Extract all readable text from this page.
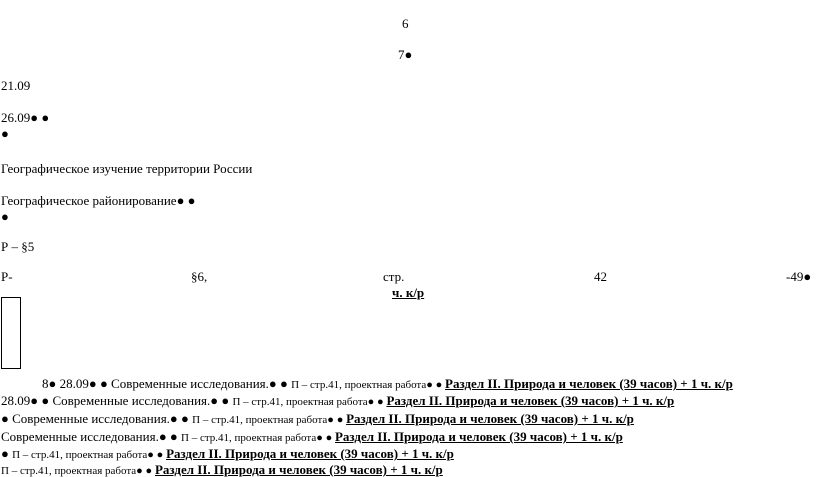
6
7●
21.09
26.09● ●
●
Географическое изучение территории России
Географическое районирование● ●
●
Р – §5
Р-	§6,	стр.	42	-49●
ч. к/р
8● 28.09● ● Современные исследования.● ● П – стр.41, проектная работа● ● Раздел II. Природа и человек (39 часов) + 1 ч. к/р
28.09● ● Современные исследования.● ● П – стр.41, проектная работа● ● Раздел II. Природа и человек (39 часов) + 1 ч. к/р
● Современные исследования.● ● П – стр.41, проектная работа● ● Раздел II. Природа и человек (39 часов) + 1 ч. к/р
Современные исследования.● ● П – стр.41, проектная работа● ● Раздел II. Природа и человек (39 часов) + 1 ч. к/р
● П – стр.41, проектная работа● ● Раздел II. Природа и человек (39 часов) + 1 ч. к/р
П – стр.41, проектная работа● ● Раздел II. Природа и человек (39 часов) + 1 ч. к/р
